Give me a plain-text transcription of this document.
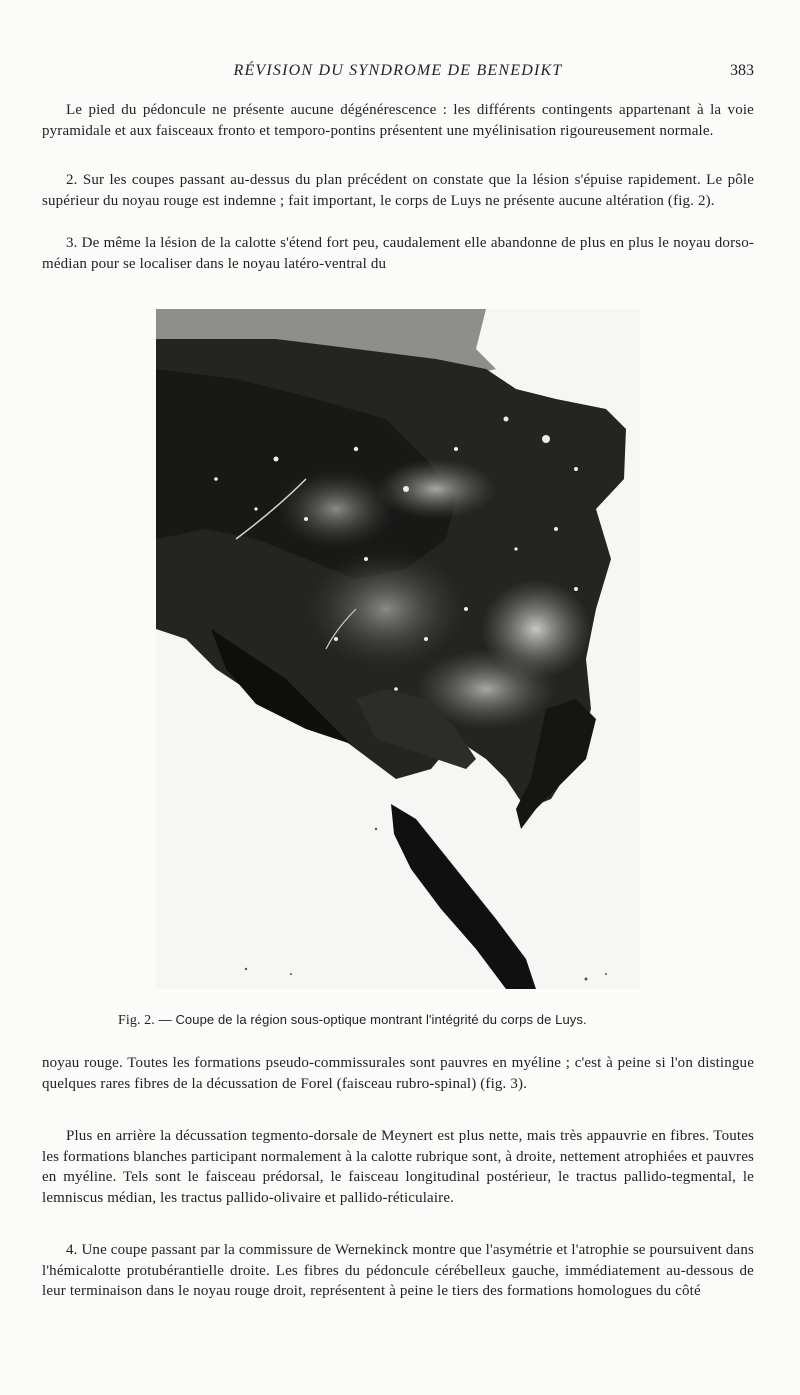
RÉVISION DU SYNDROME DE BENEDIKT	383

Le pied du pédoncule ne présente aucune dégénérescence : les différents contingents appartenant à la voie pyramidale et aux faisceaux fronto et temporo-pontins présentent une myélinisation rigoureusement normale.

2. Sur les coupes passant au-dessus du plan précédent on constate que la lésion s'épuise rapidement. Le pôle supérieur du noyau rouge est indemne ; fait important, le corps de Luys ne présente aucune altération (fig. 2).

3. De même la lésion de la calotte s'étend fort peu, caudalement elle abandonne de plus en plus le noyau dorso-médian pour se localiser dans le noyau latéro-ventral du

Fig. 2. — Coupe de la région sous-optique montrant l'intégrité du corps de Luys.

noyau rouge. Toutes les formations pseudo-commissurales sont pauvres en myéline ; c'est à peine si l'on distingue quelques rares fibres de la décussation de Forel (faisceau rubro-spinal) (fig. 3).

Plus en arrière la décussation tegmento-dorsale de Meynert est plus nette, mais très appauvrie en fibres. Toutes les formations blanches participant normalement à la calotte rubrique sont, à droite, nettement atrophiées et pauvres en myéline. Tels sont le faisceau prédorsal, le faisceau longitudinal postérieur, le tractus pallido-tegmental, le lemniscus médian, les tractus pallido-olivaire et pallido-réticulaire.

4. Une coupe passant par la commissure de Wernekinck montre que l'asymétrie et l'atrophie se poursuivent dans l'hémicalotte protubérantielle droite. Les fibres du pédoncule cérébelleux gauche, immédiatement au-dessous de leur terminaison dans le noyau rouge droit, représentent à peine le tiers des formations homologues du côté
